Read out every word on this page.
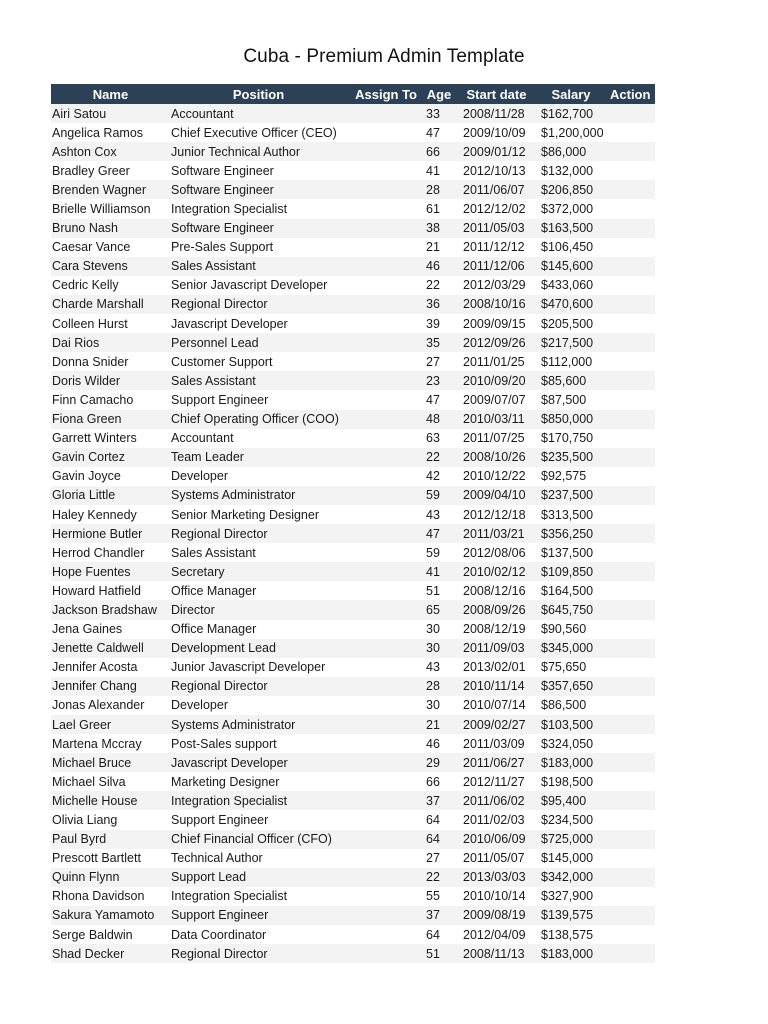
Cuba - Premium Admin Template
Name	Position	Assign To	Age	Start date	Salary	Action
Airi Satou	Accountant		33	2008/11/28	$162,700	
Angelica Ramos	Chief Executive Officer (CEO)		47	2009/10/09	$1,200,000	
Ashton Cox	Junior Technical Author		66	2009/01/12	$86,000	
Bradley Greer	Software Engineer		41	2012/10/13	$132,000	
Brenden Wagner	Software Engineer		28	2011/06/07	$206,850	
Brielle Williamson	Integration Specialist		61	2012/12/02	$372,000	
Bruno Nash	Software Engineer		38	2011/05/03	$163,500	
Caesar Vance	Pre-Sales Support		21	2011/12/12	$106,450	
Cara Stevens	Sales Assistant		46	2011/12/06	$145,600	
Cedric Kelly	Senior Javascript Developer		22	2012/03/29	$433,060	
Charde Marshall	Regional Director		36	2008/10/16	$470,600	
Colleen Hurst	Javascript Developer		39	2009/09/15	$205,500	
Dai Rios	Personnel Lead		35	2012/09/26	$217,500	
Donna Snider	Customer Support		27	2011/01/25	$112,000	
Doris Wilder	Sales Assistant		23	2010/09/20	$85,600	
Finn Camacho	Support Engineer		47	2009/07/07	$87,500	
Fiona Green	Chief Operating Officer (COO)		48	2010/03/11	$850,000	
Garrett Winters	Accountant		63	2011/07/25	$170,750	
Gavin Cortez	Team Leader		22	2008/10/26	$235,500	
Gavin Joyce	Developer		42	2010/12/22	$92,575	
Gloria Little	Systems Administrator		59	2009/04/10	$237,500	
Haley Kennedy	Senior Marketing Designer		43	2012/12/18	$313,500	
Hermione Butler	Regional Director		47	2011/03/21	$356,250	
Herrod Chandler	Sales Assistant		59	2012/08/06	$137,500	
Hope Fuentes	Secretary		41	2010/02/12	$109,850	
Howard Hatfield	Office Manager		51	2008/12/16	$164,500	
Jackson Bradshaw	Director		65	2008/09/26	$645,750	
Jena Gaines	Office Manager		30	2008/12/19	$90,560	
Jenette Caldwell	Development Lead		30	2011/09/03	$345,000	
Jennifer Acosta	Junior Javascript Developer		43	2013/02/01	$75,650	
Jennifer Chang	Regional Director		28	2010/11/14	$357,650	
Jonas Alexander	Developer		30	2010/07/14	$86,500	
Lael Greer	Systems Administrator		21	2009/02/27	$103,500	
Martena Mccray	Post-Sales support		46	2011/03/09	$324,050	
Michael Bruce	Javascript Developer		29	2011/06/27	$183,000	
Michael Silva	Marketing Designer		66	2012/11/27	$198,500	
Michelle House	Integration Specialist		37	2011/06/02	$95,400	
Olivia Liang	Support Engineer		64	2011/02/03	$234,500	
Paul Byrd	Chief Financial Officer (CFO)		64	2010/06/09	$725,000	
Prescott Bartlett	Technical Author		27	2011/05/07	$145,000	
Quinn Flynn	Support Lead		22	2013/03/03	$342,000	
Rhona Davidson	Integration Specialist		55	2010/10/14	$327,900	
Sakura Yamamoto	Support Engineer		37	2009/08/19	$139,575	
Serge Baldwin	Data Coordinator		64	2012/04/09	$138,575	
Shad Decker	Regional Director		51	2008/11/13	$183,000	
